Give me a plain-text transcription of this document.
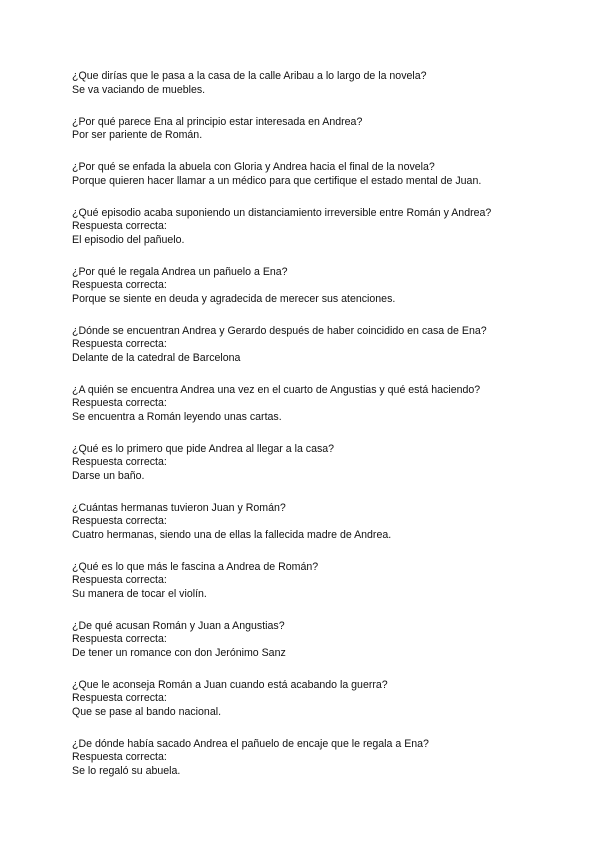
¿Que dirías que le pasa a la casa de la calle Aribau a lo largo de la novela?
Se va vaciando de muebles.
¿Por qué parece Ena al principio estar interesada en Andrea?
Por ser pariente de Román.
¿Por qué se enfada la abuela con Gloria y Andrea hacia el final de la novela?
Porque quieren hacer llamar a un médico para que certifique el estado mental de Juan.
¿Qué episodio acaba suponiendo un distanciamiento irreversible entre Román y Andrea?
Respuesta correcta:
El episodio del pañuelo.
¿Por qué le regala Andrea un pañuelo a Ena?
Respuesta correcta:
Porque se siente en deuda y agradecida de merecer sus atenciones.
¿Dónde se encuentran Andrea y Gerardo después de haber coincidido en casa de Ena?
Respuesta correcta:
Delante de la catedral de Barcelona
¿A quién se encuentra Andrea una vez en el cuarto de Angustias y qué está haciendo?
Respuesta correcta:
Se encuentra a Román leyendo unas cartas.
¿Qué es lo primero que pide Andrea al llegar a la casa?
Respuesta correcta:
Darse un baño.
¿Cuántas hermanas tuvieron Juan y Román?
Respuesta correcta:
Cuatro hermanas, siendo una de ellas la fallecida madre de Andrea.
¿Qué es lo que más le fascina a Andrea de Román?
Respuesta correcta:
Su manera de tocar el violín.
¿De qué acusan Román y Juan a Angustias?
Respuesta correcta:
De tener un romance con don Jerónimo Sanz
¿Que le aconseja Román a Juan cuando está acabando la guerra?
Respuesta correcta:
Que se pase al bando nacional.
¿De dónde había sacado Andrea el pañuelo de encaje que le regala a Ena?
Respuesta correcta:
Se lo regaló su abuela.
